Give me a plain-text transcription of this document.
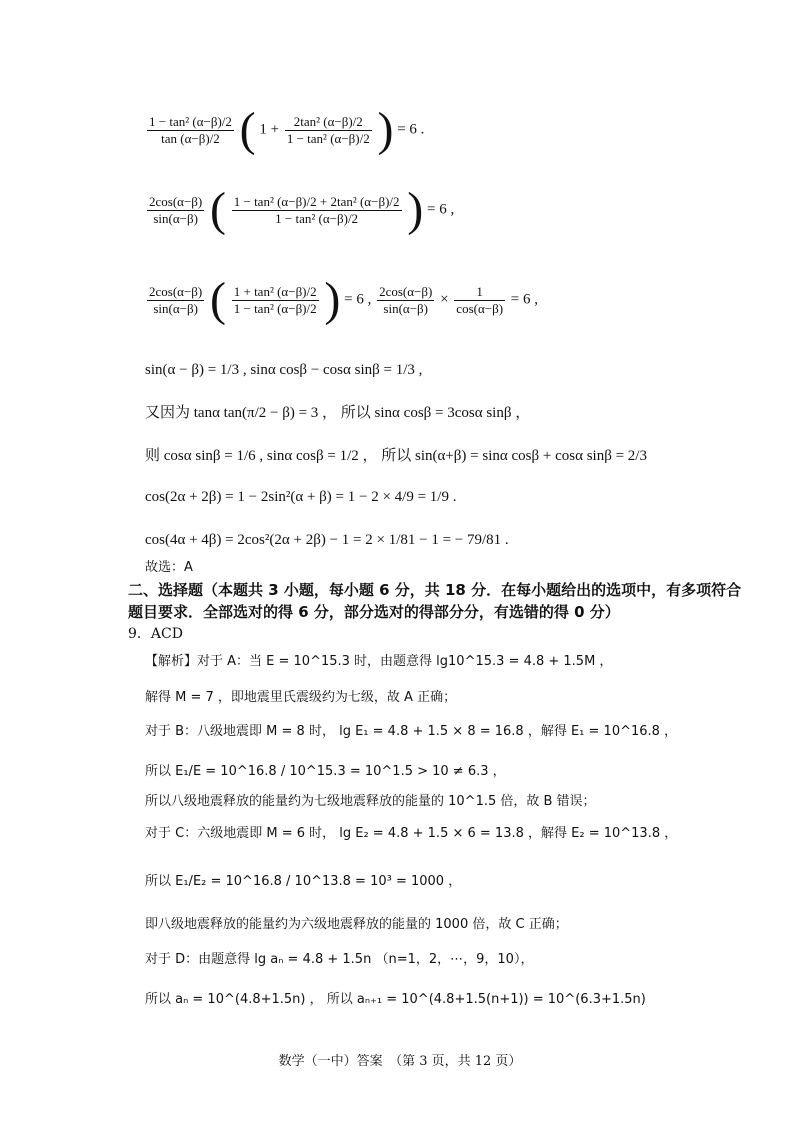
$\frac{\text{1 − tan² (α−β)/2}}{\tan (\alpha-\beta)/2}$ ( $1 + \frac{\text{2tan² (α−β)/2}}{\text{1 − tan² (α−β)/2}}$ ) = 6 .
$\frac{2\cos(\alpha-\beta)}{\sin(\alpha-\beta)}$ ( $\frac{\text{1 − tan² (α−β)/2 + 2tan² (α−β)/2}}{\text{1 − tan² (α−β)/2}}$ ) = 6 ,
$\frac{2\cos(\alpha-\beta)}{\sin(\alpha-\beta)}$ ( $\frac{\text{1 + tan² (α−β)/2}}{\text{1 − tan² (α−β)/2}}$ ) = 6 , $\frac{2\cos(\alpha-\beta)}{\sin(\alpha-\beta)} \times \frac{1}{\cos(\alpha-\beta)} = 6$ ,
sin(α − β) = 1/3 , sinα cosβ − cosα sinβ = 1/3 ,
又因为 tanα tan(π/2 − β) = 3 ， 所以 sinα cosβ = 3cosα sinβ ，
则 cosα sinβ = 1/6 , sinα cosβ = 1/2 ， 所以 sin(α+β) = sinα cosβ + cosα sinβ = 2/3
cos(2α + 2β) = 1 − 2sin²(α + β) = 1 − 2 × 4/9 = 1/9 .
cos(4α + 4β) = 2cos²(2α + 2β) − 1 = 2 × 1/81 − 1 = − 79/81 .
故选：A
二、选择题（本题共 3 小题，每小题 6 分，共 18 分．在每小题给出的选项中，有多项符合
题目要求．全部选对的得 6 分，部分选对的得部分分，有选错的得 0 分）
9．ACD
【解析】对于 A：当 E = 10^15.3 时，由题意得 lg10^15.3 = 4.8 + 1.5M ，
解得 M = 7 ，即地震里氏震级约为七级，故 A 正确；
对于 B：八级地震即 M = 8 时， lg E₁ = 4.8 + 1.5 × 8 = 16.8 ，解得 E₁ = 10^16.8 ，
所以 E₁/E = 10^16.8 / 10^15.3 = 10^1.5 > 10 ≠ 6.3 ，
所以八级地震释放的能量约为七级地震释放的能量的 10^1.5 倍，故 B 错误；
对于 C：六级地震即 M = 6 时， lg E₂ = 4.8 + 1.5 × 6 = 13.8 ，解得 E₂ = 10^13.8 ，
所以 E₁/E₂ = 10^16.8 / 10^13.8 = 10³ = 1000 ，
即八级地震释放的能量约为六级地震释放的能量的 1000 倍，故 C 正确；
对于 D：由题意得 lg aₙ = 4.8 + 1.5n （n=1，2，⋯，9，10），
所以 aₙ = 10^(4.8+1.5n) ， 所以 aₙ₊₁ = 10^(4.8+1.5(n+1)) = 10^(6.3+1.5n)
数学（一中）答案　（第 3 页，共 12 页）
